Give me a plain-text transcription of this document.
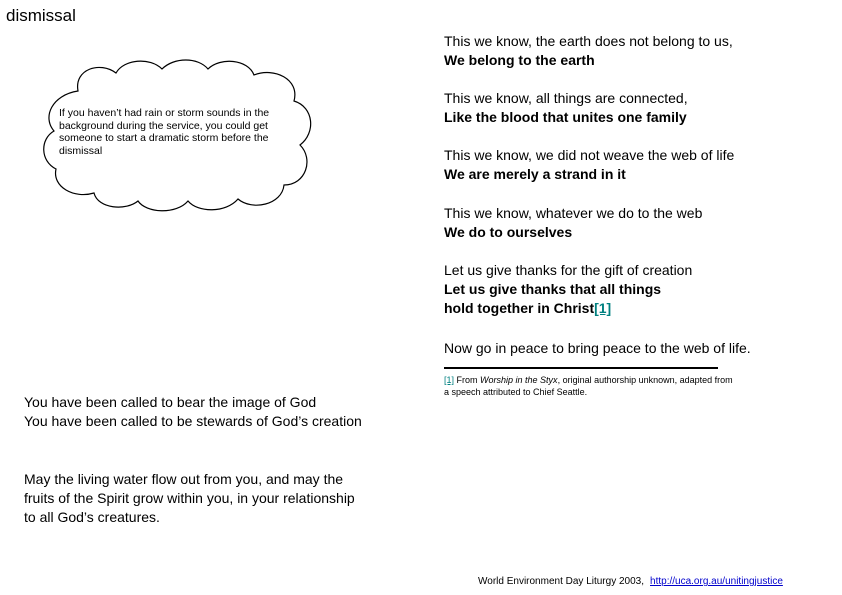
dismissal
If you haven’t had rain or storm sounds in the background during the service, you could get someone to start a dramatic storm before the dismissal
This we know, the earth does not belong to us,
We belong to the earth
This we know, all things are connected,
Like the blood that unites one family
This we know, we did not weave the web of life
We are merely a strand in it
This we know, whatever we do to the web
We do to ourselves
Let us give thanks for the gift of creation
Let us give thanks that all things
hold together in Christ[1]
Now go in peace to bring peace to the web of life.
[1] From Worship in the Styx, original authorship unknown, adapted from a speech attributed to Chief Seattle.
You have been called to bear the image of God
You have been called to be stewards of God’s creation
May the living water flow out from you, and may the fruits of the Spirit grow within you, in your relationship to all God’s creatures.
World Environment Day Liturgy 2003, http://uca.org.au/unitingjustice
